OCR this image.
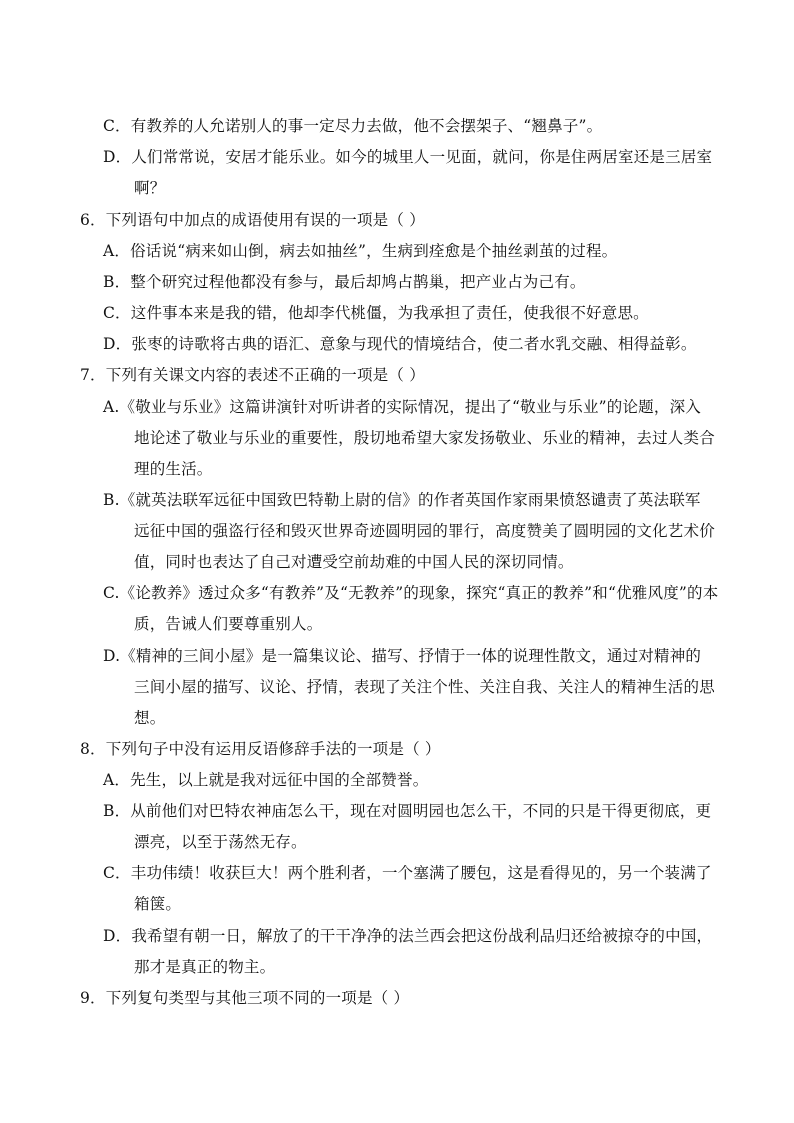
C．有教养的人允诺别人的事一定尽力去做，他不会摆架子、“翘鼻子”。
D．人们常常说，安居才能乐业。如今的城里人一见面，就问，你是住两居室还是三居室
啊？
6．下列语句中加点的成语使用有误的一项是（ ）
A．俗话说“病来如山倒，病去如抽丝”，生病到痊愈是个抽丝剥茧的过程。
B．整个研究过程他都没有参与，最后却鸠占鹊巢，把产业占为己有。
C．这件事本来是我的错，他却李代桃僵，为我承担了责任，使我很不好意思。
D．张枣的诗歌将古典的语汇、意象与现代的情境结合，使二者水乳交融、相得益彰。
7．下列有关课文内容的表述不正确的一项是（ ）
A.《敬业与乐业》这篇讲演针对听讲者的实际情况，提出了“敬业与乐业”的论题，深入
地论述了敬业与乐业的重要性，殷切地希望大家发扬敬业、乐业的精神，去过人类合
理的生活。
B.《就英法联军远征中国致巴特勒上尉的信》的作者英国作家雨果愤怒谴责了英法联军
远征中国的强盗行径和毁灭世界奇迹圆明园的罪行，高度赞美了圆明园的文化艺术价
值，同时也表达了自己对遭受空前劫难的中国人民的深切同情。
C.《论教养》透过众多“有教养”及“无教养”的现象，探究“真正的教养”和“优雅风度”的本
质，告诫人们要尊重别人。
D.《精神的三间小屋》是一篇集议论、描写、抒情于一体的说理性散文，通过对精神的
三间小屋的描写、议论、抒情，表现了关注个性、关注自我、关注人的精神生活的思
想。
8．下列句子中没有运用反语修辞手法的一项是（ ）
A．先生，以上就是我对远征中国的全部赞誉。
B．从前他们对巴特农神庙怎么干，现在对圆明园也怎么干，不同的只是干得更彻底，更
漂亮，以至于荡然无存。
C．丰功伟绩！收获巨大！两个胜利者，一个塞满了腰包，这是看得见的，另一个装满了
箱箧。
D．我希望有朝一日，解放了的干干净净的法兰西会把这份战利品归还给被掠夺的中国，
那才是真正的物主。
9．下列复句类型与其他三项不同的一项是（ ）
